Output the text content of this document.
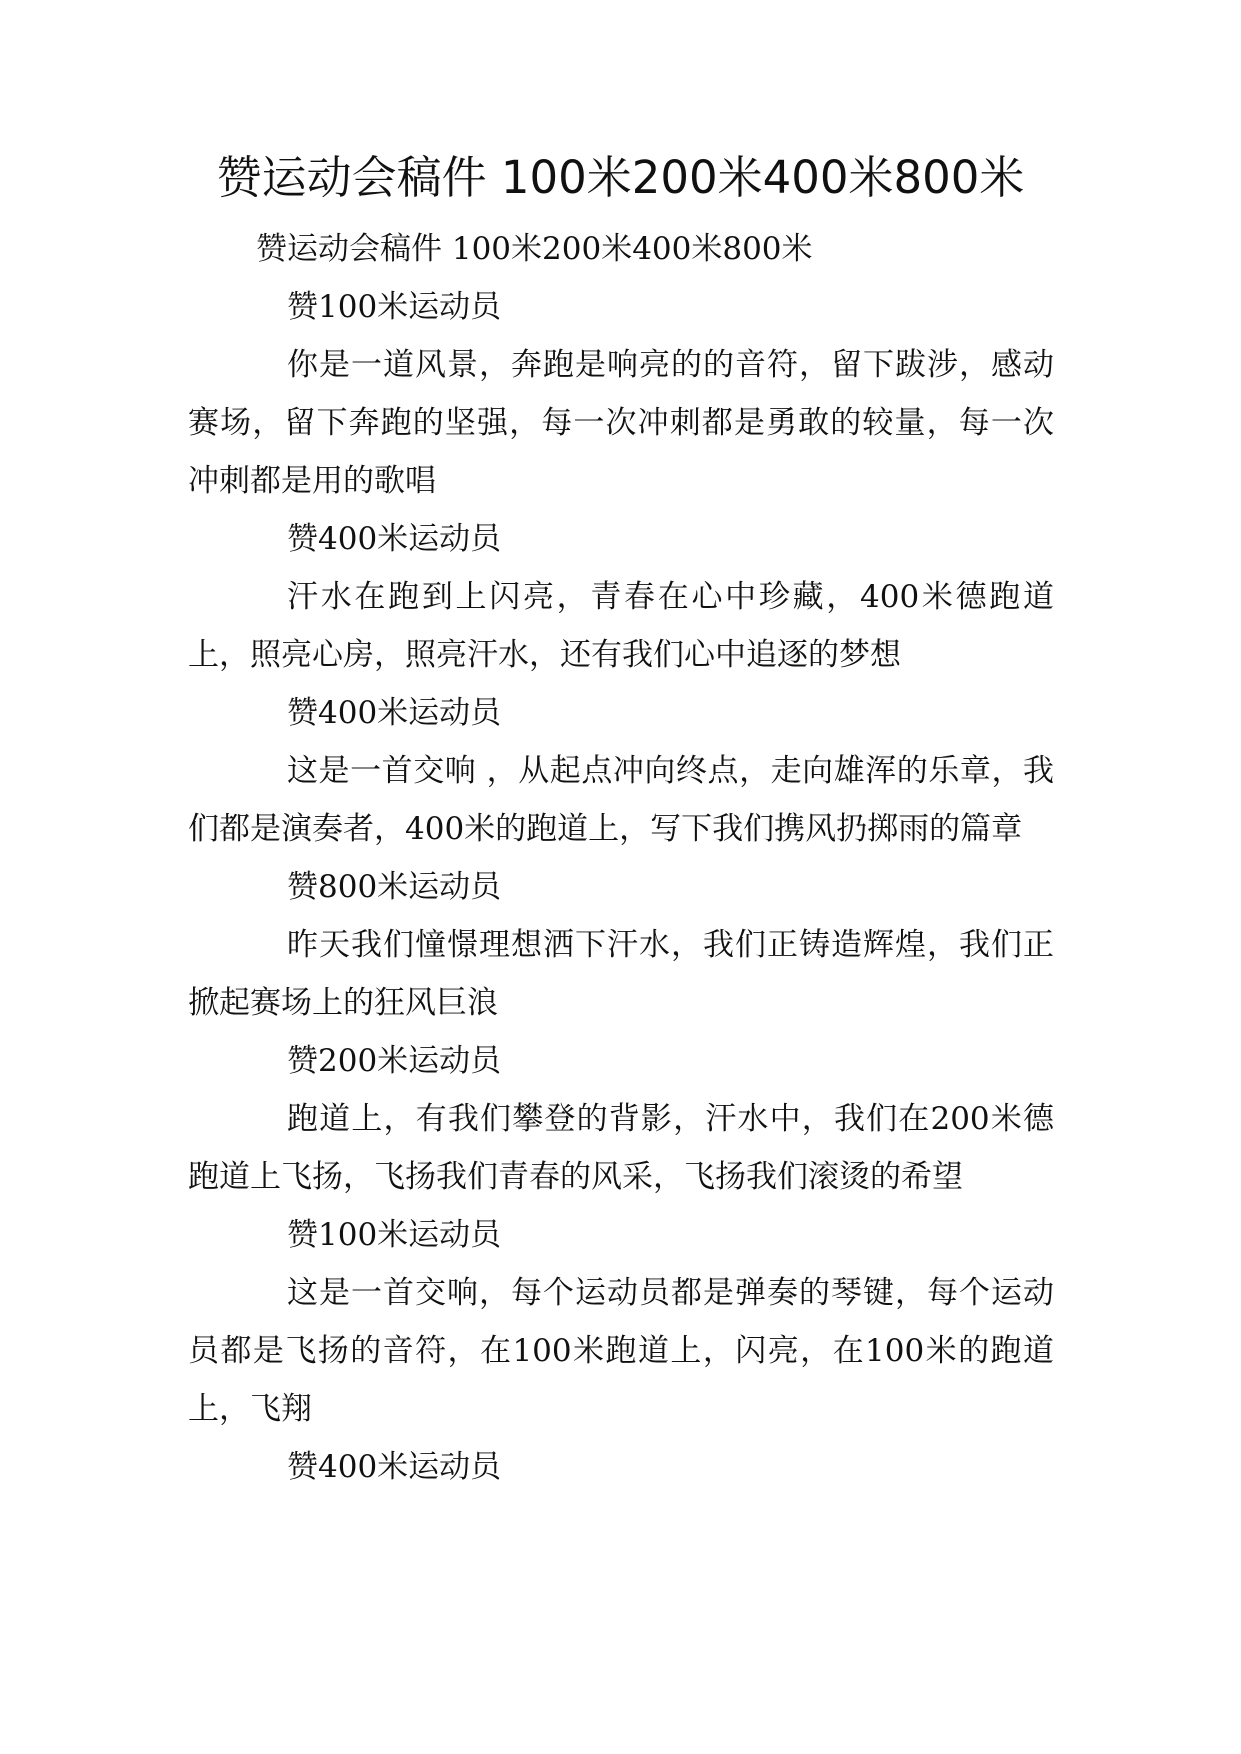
赞运动会稿件 100米200米400米800米

赞运动会稿件 100米200米400米800米

赞100米运动员

你是一道风景，奔跑是响亮的的音符，留下跋涉，感动赛场，留下奔跑的坚强，每一次冲刺都是勇敢的较量，每一次冲刺都是用的歌唱

赞400米运动员

汗水在跑到上闪亮，青春在心中珍藏，400米德跑道上，照亮心房，照亮汗水，还有我们心中追逐的梦想

赞400米运动员

这是一首交响 ，从起点冲向终点，走向雄浑的乐章，我们都是演奏者，400米的跑道上，写下我们携风扔掷雨的篇章

赞800米运动员

昨天我们憧憬理想洒下汗水，我们正铸造辉煌，我们正掀起赛场上的狂风巨浪

赞200米运动员

跑道上，有我们攀登的背影，汗水中，我们在200米德跑道上飞扬，飞扬我们青春的风采，飞扬我们滚烫的希望

赞100米运动员

这是一首交响，每个运动员都是弹奏的琴键，每个运动员都是飞扬的音符，在100米跑道上，闪亮，在100米的跑道上，飞翔

赞400米运动员
